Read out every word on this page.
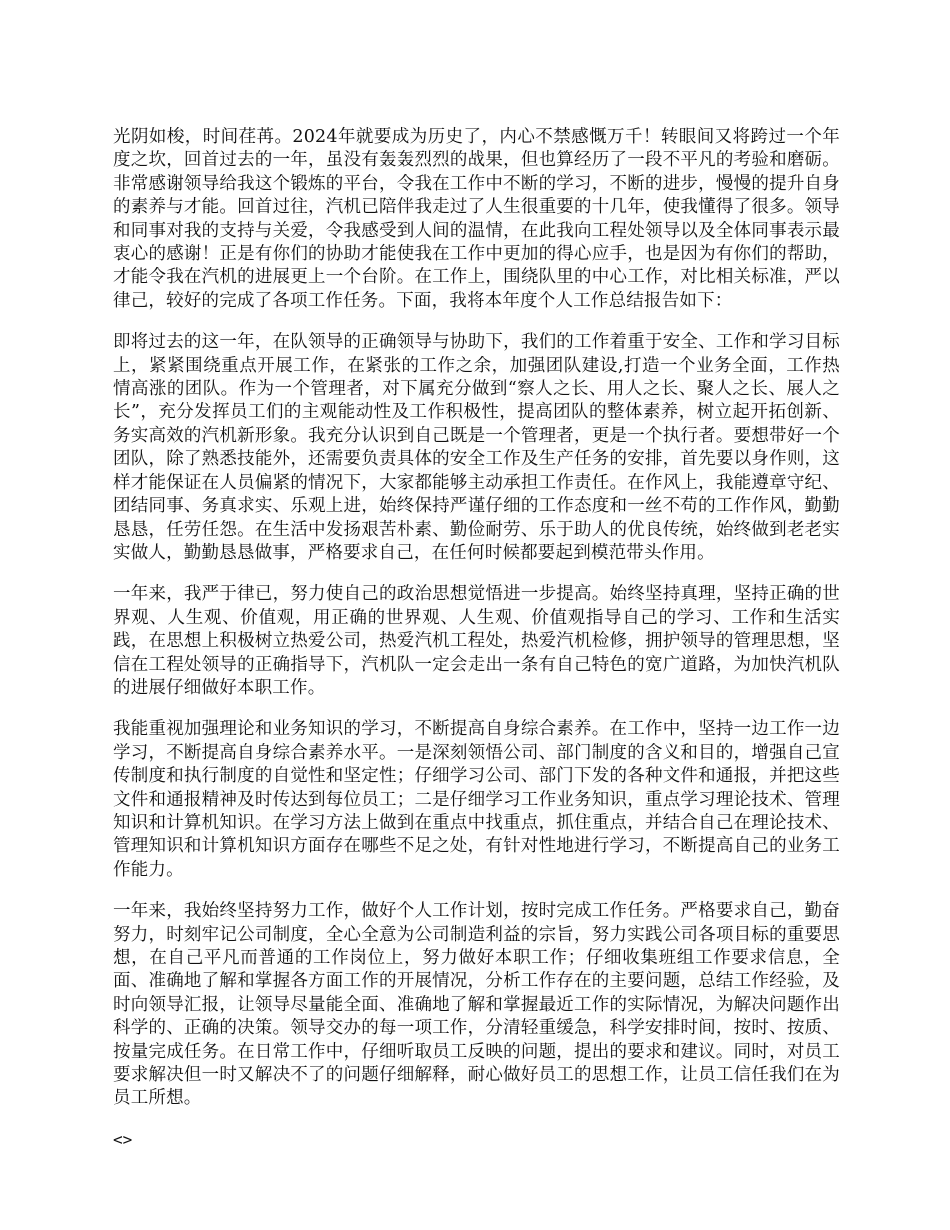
光阴如梭，时间荏苒。2024年就要成为历史了，内心不禁感慨万千！转眼间又将跨过一个年度之坎，回首过去的一年，虽没有轰轰烈烈的战果，但也算经历了一段不平凡的考验和磨砺。非常感谢领导给我这个锻炼的平台，令我在工作中不断的学习，不断的进步，慢慢的提升自身的素养与才能。回首过往，汽机已陪伴我走过了人生很重要的十几年，使我懂得了很多。领导和同事对我的支持与关爱，令我感受到人间的温情，在此我向工程处领导以及全体同事表示最衷心的感谢！正是有你们的协助才能使我在工作中更加的得心应手，也是因为有你们的帮助，才能令我在汽机的进展更上一个台阶。在工作上，围绕队里的中心工作，对比相关标准，严以律己，较好的完成了各项工作任务。下面，我将本年度个人工作总结报告如下：

即将过去的这一年，在队领导的正确领导与协助下，我们的工作着重于安全、工作和学习目标上，紧紧围绕重点开展工作，在紧张的工作之余，加强团队建设,打造一个业务全面，工作热情高涨的团队。作为一个管理者，对下属充分做到“察人之长、用人之长、聚人之长、展人之长”，充分发挥员工们的主观能动性及工作积极性，提高团队的整体素养，树立起开拓创新、务实高效的汽机新形象。我充分认识到自己既是一个管理者，更是一个执行者。要想带好一个团队，除了熟悉技能外，还需要负责具体的安全工作及生产任务的安排，首先要以身作则，这样才能保证在人员偏紧的情况下，大家都能够主动承担工作责任。在作风上，我能遵章守纪、团结同事、务真求实、乐观上进，始终保持严谨仔细的工作态度和一丝不苟的工作作风，勤勤恳恳，任劳任怨。在生活中发扬艰苦朴素、勤俭耐劳、乐于助人的优良传统，始终做到老老实实做人，勤勤恳恳做事，严格要求自己，在任何时候都要起到模范带头作用。

一年来，我严于律已，努力使自己的政治思想觉悟进一步提高。始终坚持真理，坚持正确的世界观、人生观、价值观，用正确的世界观、人生观、价值观指导自己的学习、工作和生活实践，在思想上积极树立热爱公司，热爱汽机工程处，热爱汽机检修，拥护领导的管理思想，坚信在工程处领导的正确指导下，汽机队一定会走出一条有自己特色的宽广道路，为加快汽机队的进展仔细做好本职工作。

我能重视加强理论和业务知识的学习，不断提高自身综合素养。在工作中，坚持一边工作一边学习，不断提高自身综合素养水平。一是深刻领悟公司、部门制度的含义和目的，增强自己宣传制度和执行制度的自觉性和坚定性；仔细学习公司、部门下发的各种文件和通报，并把这些文件和通报精神及时传达到每位员工；二是仔细学习工作业务知识，重点学习理论技术、管理知识和计算机知识。在学习方法上做到在重点中找重点，抓住重点，并结合自己在理论技术、管理知识和计算机知识方面存在哪些不足之处，有针对性地进行学习，不断提高自己的业务工作能力。

一年来，我始终坚持努力工作，做好个人工作计划，按时完成工作任务。严格要求自己，勤奋努力，时刻牢记公司制度，全心全意为公司制造利益的宗旨，努力实践公司各项目标的重要思想，在自己平凡而普通的工作岗位上，努力做好本职工作；仔细收集班组工作要求信息，全面、准确地了解和掌握各方面工作的开展情况，分析工作存在的主要问题，总结工作经验，及时向领导汇报，让领导尽量能全面、准确地了解和掌握最近工作的实际情况，为解决问题作出科学的、正确的决策。领导交办的每一项工作，分清轻重缓急，科学安排时间，按时、按质、按量完成任务。在日常工作中，仔细听取员工反映的问题，提出的要求和建议。同时，对员工要求解决但一时又解决不了的问题仔细解释，耐心做好员工的思想工作，让员工信任我们在为员工所想。

<>
